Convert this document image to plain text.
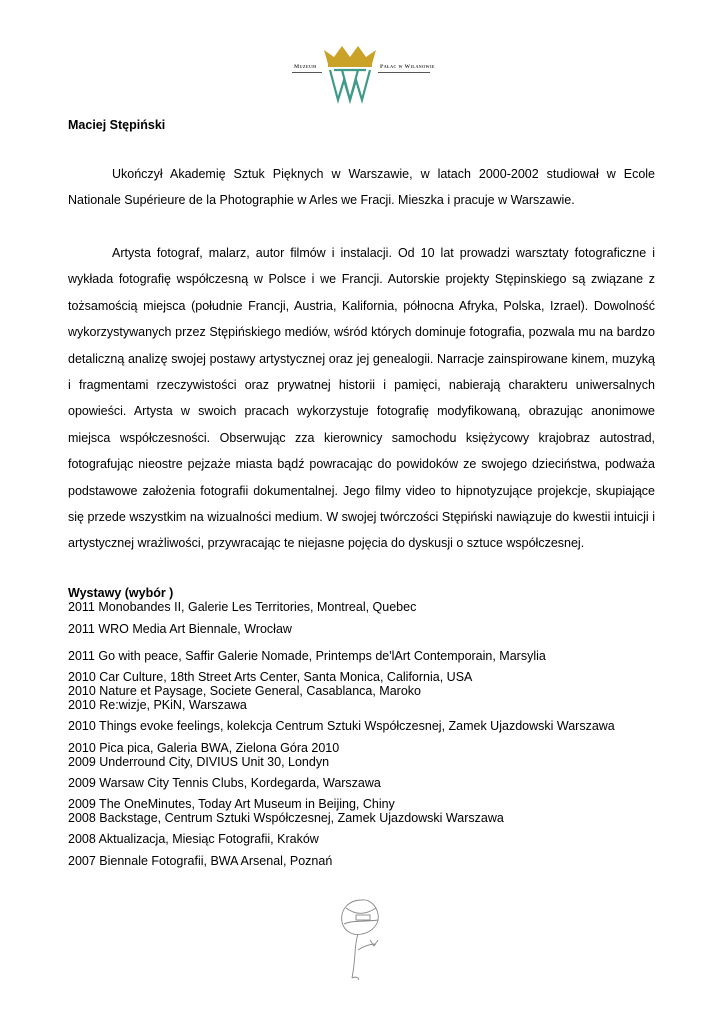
Muzeum	Pałac w Wilanowie
Maciej Stępiński

Ukończył Akademię Sztuk Pięknych w Warszawie, w latach 2000-2002 studiował w Ecole Nationale Supérieure de la Photographie w Arles we Fracji. Mieszka i pracuje w Warszawie.

Artysta fotograf, malarz, autor filmów i instalacji. Od 10 lat prowadzi warsztaty fotograficzne i wykłada fotografię współczesną w Polsce i we Francji. Autorskie projekty Stępinskiego są związane z tożsamością miejsca (południe Francji, Austria, Kalifornia, północna Afryka, Polska, Izrael). Dowolność wykorzystywanych przez Stępińskiego mediów, wśród których dominuje fotografia, pozwala mu na bardzo detaliczną analizę swojej postawy artystycznej oraz jej genealogii. Narracje zainspirowane kinem, muzyką i fragmentami rzeczywistości oraz prywatnej historii i pamięci, nabierają charakteru uniwersalnych opowieści. Artysta w swoich pracach wykorzystuje fotografię modyfikowaną, obrazując anonimowe miejsca współczesności. Obserwując zza kierownicy samochodu księżycowy krajobraz autostrad, fotografując nieostre pejzaże miasta bądź powracając do powidoków ze swojego dzieciństwa, podważa podstawowe założenia fotografii dokumentalnej. Jego filmy video to hipnotyzujące projekcje, skupiające się przede wszystkim na wizualności medium. W swojej twórczości Stępiński nawiązuje do kwestii intuicji i artystycznej wrażliwości, przywracając te niejasne pojęcia do dyskusji o sztuce współczesnej.

Wystawy (wybór )
2011 Monobandes II, Galerie Les Territories, Montreal, Quebec
2011 WRO Media Art Biennale, Wrocław
2011 Go with peace, Saffir Galerie Nomade, Printemps de'lArt Contemporain, Marsylia
2010 Car Culture, 18th Street Arts Center, Santa Monica, California, USA
2010 Nature et Paysage, Societe General, Casablanca, Maroko
2010 Re:wizje, PKiN, Warszawa
2010 Things evoke feelings, kolekcja Centrum Sztuki Współczesnej, Zamek Ujazdowski Warszawa
2010 Pica pica, Galeria BWA, Zielona Góra 2010
2009 Underround City, DIVIUS Unit 30, Londyn
2009 Warsaw City Tennis Clubs, Kordegarda, Warszawa
2009 The OneMinutes, Today Art Museum in Beijing, Chiny
2008 Backstage, Centrum Sztuki Współczesnej, Zamek Ujazdowski Warszawa
2008 Aktualizacja, Miesiąc Fotografii, Kraków
2007 Biennale Fotografii, BWA Arsenal, Poznań
